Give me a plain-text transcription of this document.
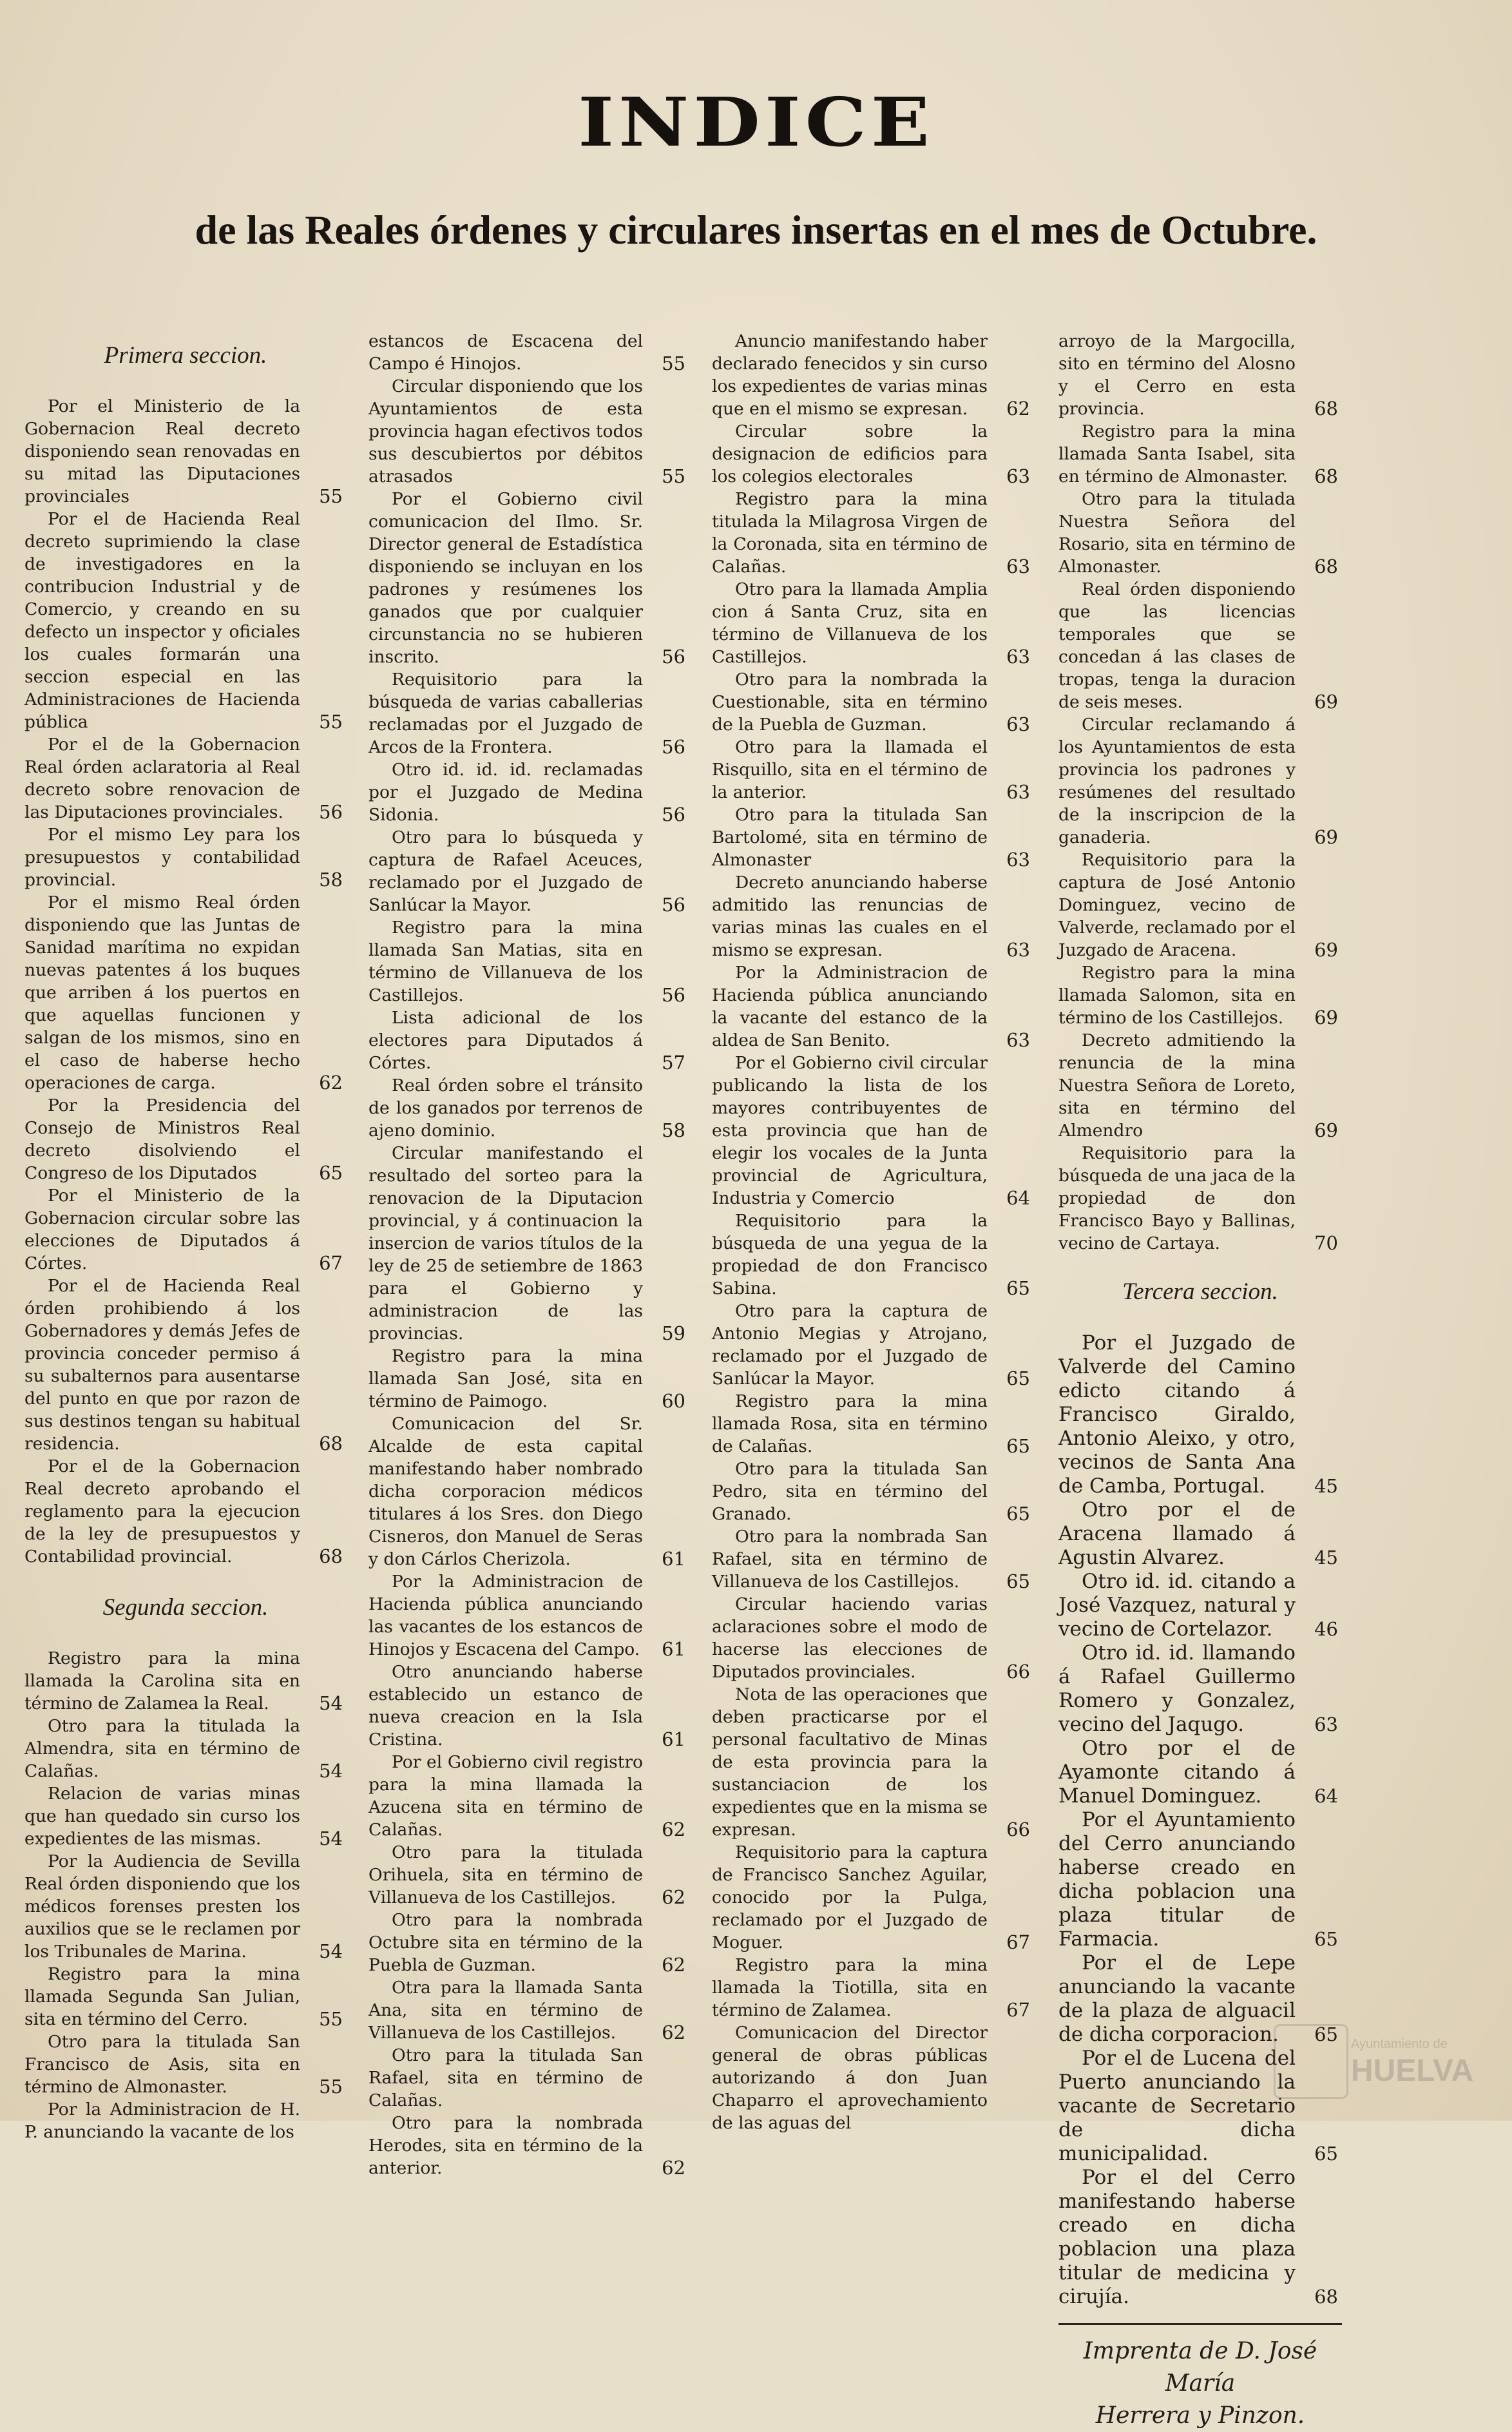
INDICE
de las Reales órdenes y circulares insertas en el mes de Octubre.
Primera seccion.

Por el Ministerio de la Gobernacion Real decreto disponiendo sean renovadas en su mitad las Diputaciones provinciales	55

Por el de Hacienda Real decreto suprimiendo la clase de investigadores en la contribucion Industrial y de Comercio, y creando en su defecto un inspector y oficiales los cuales formarán una seccion especial en las Administraciones de Hacienda pública	55

Por el de la Gobernacion Real órden aclaratoria al Real decreto sobre renovacion de las Diputaciones provinciales.	56

Por el mismo Ley para los presupuestos y contabilidad provincial.	58

Por el mismo Real órden disponiendo que las Juntas de Sanidad marítima no expidan nuevas patentes á los buques que arriben á los puertos en que aquellas funcionen y salgan de los mismos, sino en el caso de haberse hecho operaciones de carga.	62

Por la Presidencia del Consejo de Ministros Real decreto disolviendo el Congreso de los Diputados	65

Por el Ministerio de la Gobernacion circular sobre las elecciones de Diputados á Córtes.	67

Por el de Hacienda Real órden prohibiendo á los Gobernadores y demás Jefes de provincia conceder permiso á su subalternos para ausentarse del punto en que por razon de sus destinos tengan su habitual residencia.	68

Por el de la Gobernacion Real decreto aprobando el reglamento para la ejecucion de la ley de presupuestos y Contabilidad provincial.	68

Segunda seccion.

Registro para la mina llamada la Carolina sita en término de Zalamea la Real.	54

Otro para la titulada la Almendra, sita en término de Calañas.	54

Relacion de varias minas que han quedado sin curso los expedientes de las mismas.	54

Por la Audiencia de Sevilla Real órden disponiendo que los médicos forenses presten los auxilios que se le reclamen por los Tribunales de Marina.	54

Registro para la mina llamada Segunda San Julian, sita en término del Cerro.	55

Otro para la titulada San Francisco de Asis, sita en término de Almonaster.	55

Por la Administracion de H. P. anunciando la vacante de los

estancos de Escacena del Campo é Hinojos.	55

Circular disponiendo que los Ayuntamientos de esta provincia hagan efectivos todos sus descubiertos por débitos atrasados	55

Por el Gobierno civil comunicacion del Ilmo. Sr. Director general de Estadística disponiendo se incluyan en los padrones y resúmenes los ganados que por cualquier circunstancia no se hubieren inscrito.	56

Requisitorio para la búsqueda de varias caballerias reclamadas por el Juzgado de Arcos de la Frontera.	56

Otro id. id. id. reclamadas por el Juzgado de Medina Sidonia.	56

Otro para lo búsqueda y captura de Rafael Aceuces, reclamado por el Juzgado de Sanlúcar la Mayor.	56

Registro para la mina llamada San Matias, sita en término de Villanueva de los Castillejos.	56

Lista adicional de los electores para Diputados á Córtes.	57

Real órden sobre el tránsito de los ganados por terrenos de ajeno dominio.	58

Circular manifestando el resultado del sorteo para la renovacion de la Diputacion provincial, y á continuacion la insercion de varios títulos de la ley de 25 de setiembre de 1863 para el Gobierno y administracion de las provincias.	59

Registro para la mina llamada San José, sita en término de Paimogo.	60

Comunicacion del Sr. Alcalde de esta capital manifestando haber nombrado dicha corporacion médicos titulares á los Sres. don Diego Cisneros, don Manuel de Seras y don Cárlos Cherizola.	61

Por la Administracion de Hacienda pública anunciando las vacantes de los estancos de Hinojos y Escacena del Campo.	61

Otro anunciando haberse establecido un estanco de nueva creacion en la Isla Cristina.	61

Por el Gobierno civil registro para la mina llamada la Azucena sita en término de Calañas.	62

Otro para la titulada Orihuela, sita en término de Villanueva de los Castillejos.	62

Otro para la nombrada Octubre sita en término de la Puebla de Guzman.	62

Otra para la llamada Santa Ana, sita en término de Villanueva de los Castillejos.	62

Otro para la titulada San Rafael, sita en término de Calañas.

Otro para la nombrada Herodes, sita en término de la anterior.	62

Anuncio manifestando haber declarado fenecidos y sin curso los expedientes de varias minas que en el mismo se expresan.	62

Circular sobre la designacion de edificios para los colegios electorales	63

Registro para la mina titulada la Milagrosa Virgen de la Coronada, sita en término de Calañas.	63

Otro para la llamada Amplia cion á Santa Cruz, sita en término de Villanueva de los Castillejos.	63

Otro para la nombrada la Cuestionable, sita en término de la Puebla de Guzman.	63

Otro para la llamada el Risquillo, sita en el término de la anterior.	63

Otro para la titulada San Bartolomé, sita en término de Almonaster	63

Decreto anunciando haberse admitido las renuncias de varias minas las cuales en el mismo se expresan.	63

Por la Administracion de Hacienda pública anunciando la vacante del estanco de la aldea de San Benito.	63

Por el Gobierno civil circular publicando la lista de los mayores contribuyentes de esta provincia que han de elegir los vocales de la Junta provincial de Agricultura, Industria y Comercio	64

Requisitorio para la búsqueda de una yegua de la propiedad de don Francisco Sabina.	65

Otro para la captura de Antonio Megias y Atrojano, reclamado por el Juzgado de Sanlúcar la Mayor.	65

Registro para la mina llamada Rosa, sita en término de Calañas.	65

Otro para la titulada San Pedro, sita en término del Granado.	65

Otro para la nombrada San Rafael, sita en término de Villanueva de los Castillejos.	65

Circular haciendo varias aclaraciones sobre el modo de hacerse las elecciones de Diputados provinciales.	66

Nota de las operaciones que deben practicarse por el personal facultativo de Minas de esta provincia para la sustanciacion de los expedientes que en la misma se expresan.	66

Requisitorio para la captura de Francisco Sanchez Aguilar, conocido por la Pulga, reclamado por el Juzgado de Moguer.	67

Registro para la mina llamada la Tiotilla, sita en término de Zalamea.	67

Comunicacion del Director general de obras públicas autorizando á don Juan Chaparro el aprovechamiento de las aguas del

arroyo de la Margocilla, sito en término del Alosno y el Cerro en esta provincia.	68

Registro para la mina llamada Santa Isabel, sita en término de Almonaster.	68

Otro para la titulada Nuestra Señora del Rosario, sita en término de Almonaster.	68

Real órden disponiendo que las licencias temporales que se concedan á las clases de tropas, tenga la duracion de seis meses.	69

Circular reclamando á los Ayuntamientos de esta provincia los padrones y resúmenes del resultado de la inscripcion de la ganaderia.	69

Requisitorio para la captura de José Antonio Dominguez, vecino de Valverde, reclamado por el Juzgado de Aracena.	69

Registro para la mina llamada Salomon, sita en término de los Castillejos.	69

Decreto admitiendo la renuncia de la mina Nuestra Señora de Loreto, sita en término del Almendro	69

Requisitorio para la búsqueda de una jaca de la propiedad de don Francisco Bayo y Ballinas, vecino de Cartaya.	70

Tercera seccion.

Por el Juzgado de Valverde del Camino edicto citando á Francisco Giraldo, Antonio Aleixo, y otro, vecinos de Santa Ana de Camba, Portugal.	45

Otro por el de Aracena llamado á Agustin Alvarez.	45

Otro id. id. citando a José Vazquez, natural y vecino de Cortelazor.	46

Otro id. id. llamando á Rafael Guillermo Romero y Gonzalez, vecino del Jaqugo.	63

Otro por el de Ayamonte citando á Manuel Dominguez.	64

Por el Ayuntamiento del Cerro anunciando haberse creado en dicha poblacion una plaza titular de Farmacia.	65

Por el de Lepe anunciando la vacante de la plaza de alguacil de dicha corporacion.	65

Por el de Lucena del Puerto anunciando la vacante de Secretario de dicha municipalidad.	65

Por el del Cerro manifestando haberse creado en dicha poblacion una plaza titular de medicina y cirujía.	68

Imprenta de D. José María
Herrera y Pinzon.
Ayuntamiento de
HUELVA
